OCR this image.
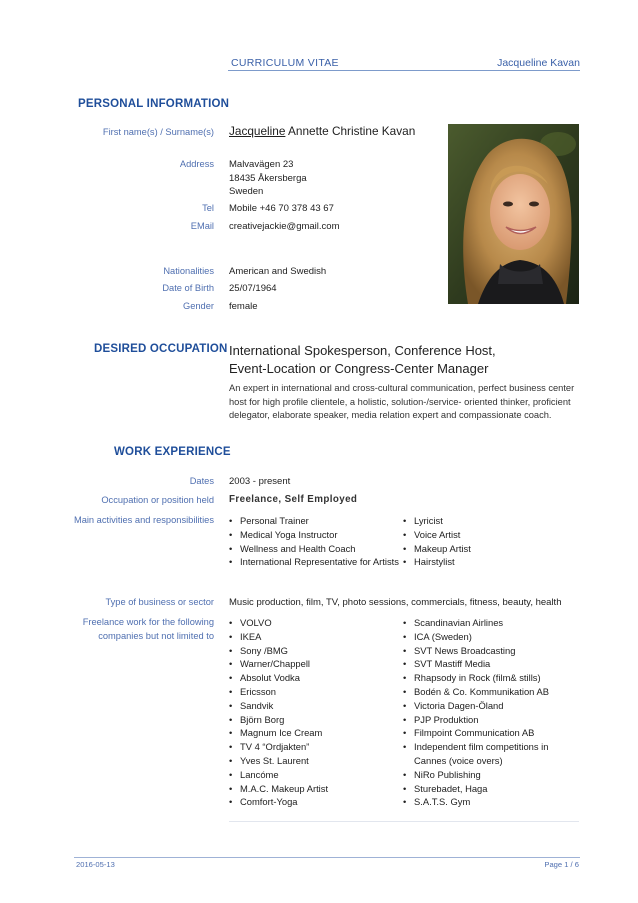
CURRICULUM VITAE	Jacqueline Kavan
PERSONAL INFORMATION
First name(s) / Surname(s) Jacqueline Annette Christine Kavan
Address Malvavägen 23
18435 Åkersberga
Sweden
Tel Mobile +46 70 378 43 67
EMail creativejackie@gmail.com
Nationalities American and Swedish
Date of Birth 25/07/1964
Gender female
DESIRED OCCUPATION International Spokesperson, Conference Host,
Event-Location or Congress-Center Manager
An expert in international and cross-cultural communication, perfect business center host for high profile clientele, a holistic, solution-/service- oriented thinker, proficient delegator, elaborate speaker, media relation expert and compassionate coach.
WORK EXPERIENCE
Dates 2003 - present
Occupation or position held Freelance, Self Employed
Main activities and responsibilities
•	Personal Trainer
• Medical Yoga Instructor
• Wellness and Health Coach
• International Representative for Artists
• Lyricist
• Voice Artist
• Makeup Artist
• Hairstylist
Type of business or sector Music production, film, TV, photo sessions, commercials, fitness, beauty, health
Freelance work for the following companies but not limited to
• VOLVO
• IKEA
• Sony /BMG
• Warner/Chappell
• Absolut Vodka
• Ericsson
• Sandvik
• Björn Borg
• Magnum Ice Cream
• TV 4 “Ordjakten”
• Yves St. Laurent
• Lancóme
• M.A.C. Makeup Artist
• Comfort-Yoga
• Scandinavian Airlines
• ICA (Sweden)
• SVT News Broadcasting
• SVT Mastiff Media
• Rhapsody in Rock (film& stills)
• Bodén & Co. Kommunikation AB
• Victoria Dagen-Öland
• PJP Produktion
• Filmpoint Communication AB
• Independent film competitions in Cannes (voice overs)
• NiRo Publishing
• Sturebadet, Haga
• S.A.T.S. Gym
2016-05-13	Page 1 / 6
